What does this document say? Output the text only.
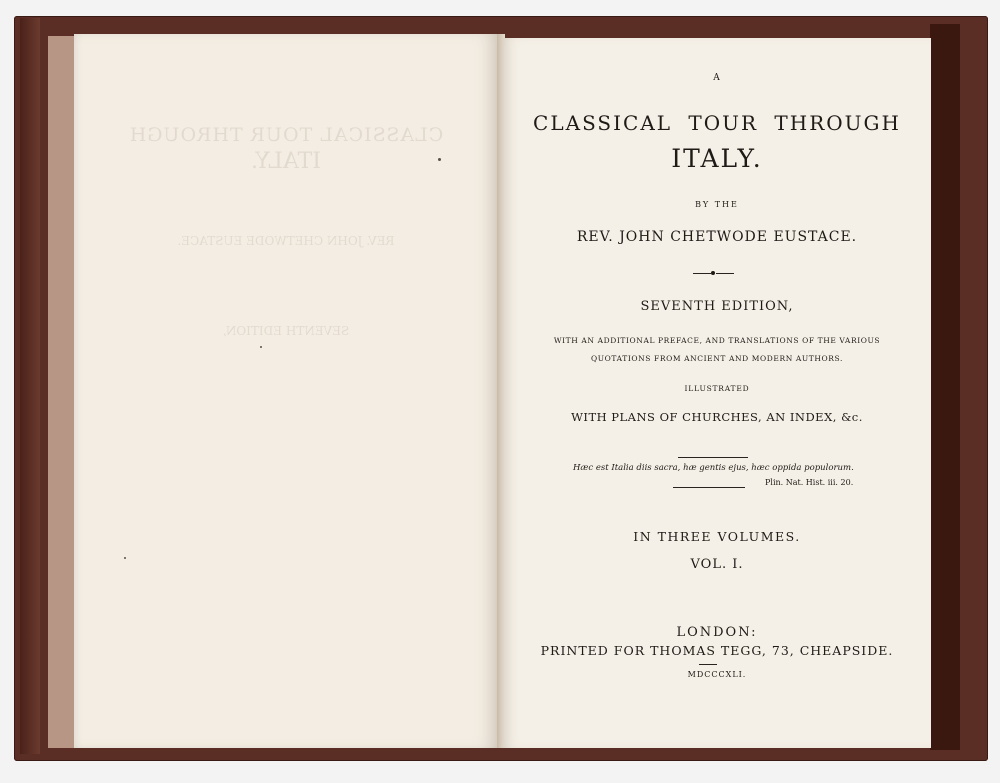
CLASSICAL TOUR THROUGH
ITALY.
REV. JOHN CHETWODE EUSTACE.
SEVENTH EDITION,
A
CLASSICAL TOUR THROUGH
ITALY.
BY THE
REV. JOHN CHETWODE EUSTACE.
SEVENTH EDITION,
WITH AN ADDITIONAL PREFACE, AND TRANSLATIONS OF THE VARIOUS
QUOTATIONS FROM ANCIENT AND MODERN AUTHORS.
ILLUSTRATED
WITH PLANS OF CHURCHES, AN INDEX, &c.
Hæc est Italia diis sacra, hæ gentis ejus, hæc oppida populorum.
Plin. Nat. Hist. iii. 20.
IN THREE VOLUMES.
VOL. I.
LONDON:
PRINTED FOR THOMAS TEGG, 73, CHEAPSIDE.
MDCCCXLI.
